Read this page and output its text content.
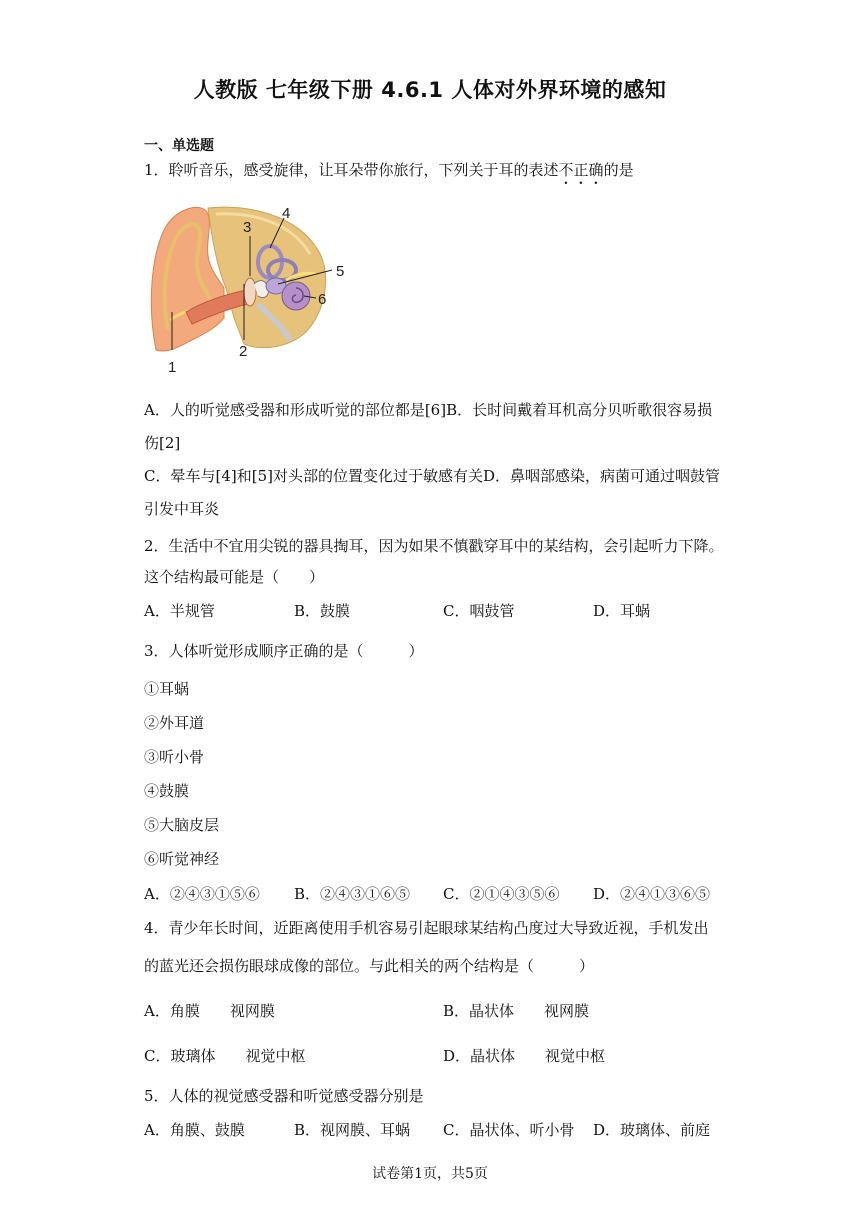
人教版 七年级下册 4.6.1 人体对外界环境的感知
一、单选题
1．聆听音乐，感受旋律，让耳朵带你旅行，下列关于耳的表述不正确的是
1
2
3
4
5
6
A．人的听觉感受器和形成听觉的部位都是[6]B．长时间戴着耳机高分贝听歌很容易损
伤[2]
C．晕车与[4]和[5]对头部的位置变化过于敏感有关D．鼻咽部感染，病菌可通过咽鼓管
引发中耳炎
2．生活中不宜用尖锐的器具掏耳，因为如果不慎戳穿耳中的某结构，会引起听力下降。
这个结构最可能是（　　）
A．半规管	B．鼓膜	C．咽鼓管	D．耳蜗
3．人体听觉形成顺序正确的是（　　　）
①耳蜗
②外耳道
③听小骨
④鼓膜
⑤大脑皮层
⑥听觉神经
A．②④③①⑤⑥ B．②④③①⑥⑤ C．②①④③⑤⑥ D．②④①③⑥⑤
4．青少年长时间，近距离使用手机容易引起眼球某结构凸度过大导致近视，手机发出
的蓝光还会损伤眼球成像的部位。与此相关的两个结构是（　　　）
A．角膜　　视网膜	B．晶状体　　视网膜
C．玻璃体　　视觉中枢	D．晶状体　　视觉中枢
5．人体的视觉感受器和听觉感受器分别是
A．角膜、鼓膜	B．视网膜、耳蜗 C．晶状体、听小骨 D．玻璃体、前庭
试卷第1页，共5页
